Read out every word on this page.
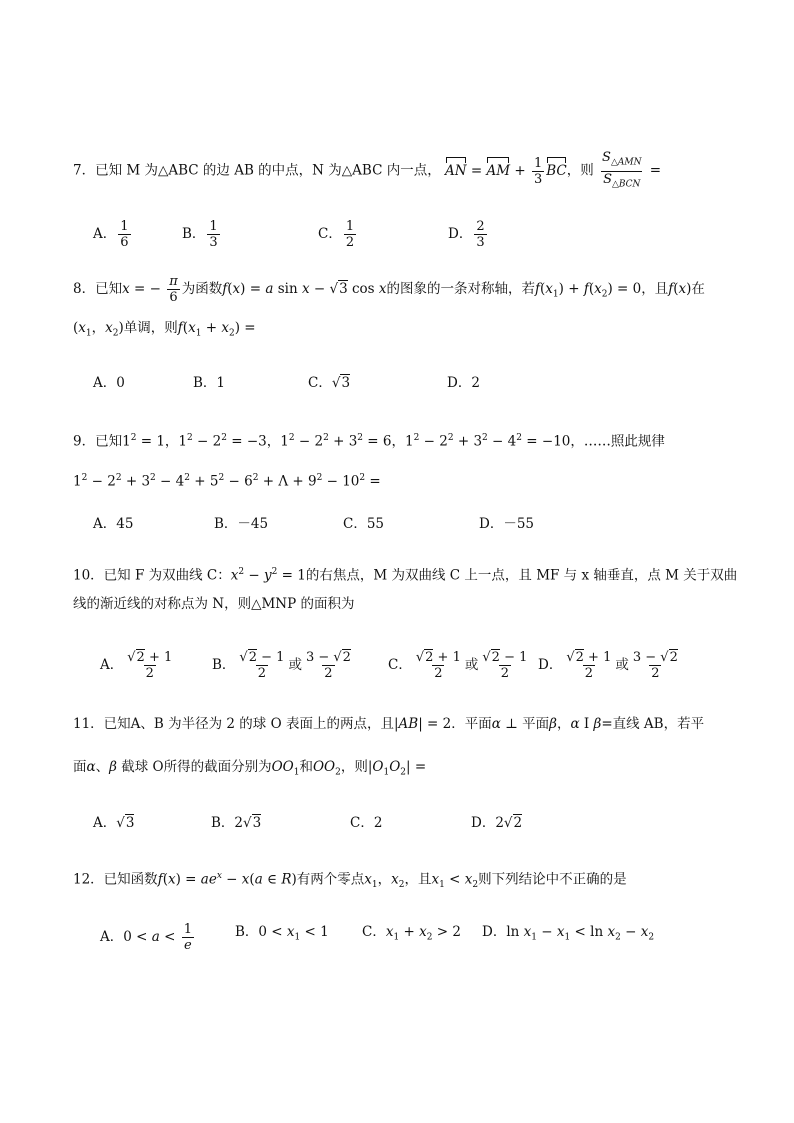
7．已知 M 为△ABC 的边 AB 的中点，N 为△ABC 内一点， AN = AM + $\frac{1}{3}$ BC，则 $\frac{S_{\triangle AMN}}{S_{\triangle BCN}}$ =
A． $\frac{1}{6}$	B． $\frac{1}{3}$	C． $\frac{1}{2}$	D． $\frac{2}{3}$
8．已知x = − $\frac{\pi}{6}$ 为函数f(x) = a sin x − √3 cos x的图象的一条对称轴，若$f(x_1) + f(x_2) = 0$，且f(x)在
($x_1$，$x_2$)单调，则$f(x_1 + x_2)$ =
A．0	B．1	C．√3	D．2
9．已知$1^2 = 1$，$1^2 - 2^2 = -3$，$1^2 - 2^2 + 3^2 = 6$，$1^2 - 2^2 + 3^2 - 4^2 = -10$，……照此规律
$1^2 - 2^2 + 3^2 - 4^2 + 5^2 - 6^2 + \Lambda + 9^2 - 10^2$ =
A．45	B．－45	C．55	D．－55
10．已知 F 为双曲线 C：$x^2 - y^2 = 1$的右焦点，M 为双曲线 C 上一点，且 MF 与 x 轴垂直，点 M 关于双曲
线的渐近线的对称点为 N，则△MNP 的面积为
A． $\frac{√2 + 1}{2}$	B． $\frac{√2 - 1}{2}$ 或 $\frac{3 - √2}{2}$	C． $\frac{√2 + 1}{2}$ 或 $\frac{√2 - 1}{2}$ D． $\frac{√2 + 1}{2}$ 或 $\frac{3 - √2}{2}$
11．已知A、B 为半径为 2 的球 O 表面上的两点，且|AB| = 2．平面α ⊥ 平面β，α I β=直线 AB，若平
面α、β 截球 O所得的截面分别为$OO_1$和$OO_2$，则$|O_1O_2|$ =
A．√3	B．2√3	C．2	D．2√2
12．已知函数$f(x) = ae^x - x(a$ ∈ R)有两个零点$x_1$，$x_2$，且$x_1 < x_2$则下列结论中不正确的是
A．$0 < a < \frac{1}{e}$	B．$0 < x_1 < 1$ C．$x_1 + x_2 > 2$ D．$\ln x_1 - x_1 < \ln x_2 - x_2$
